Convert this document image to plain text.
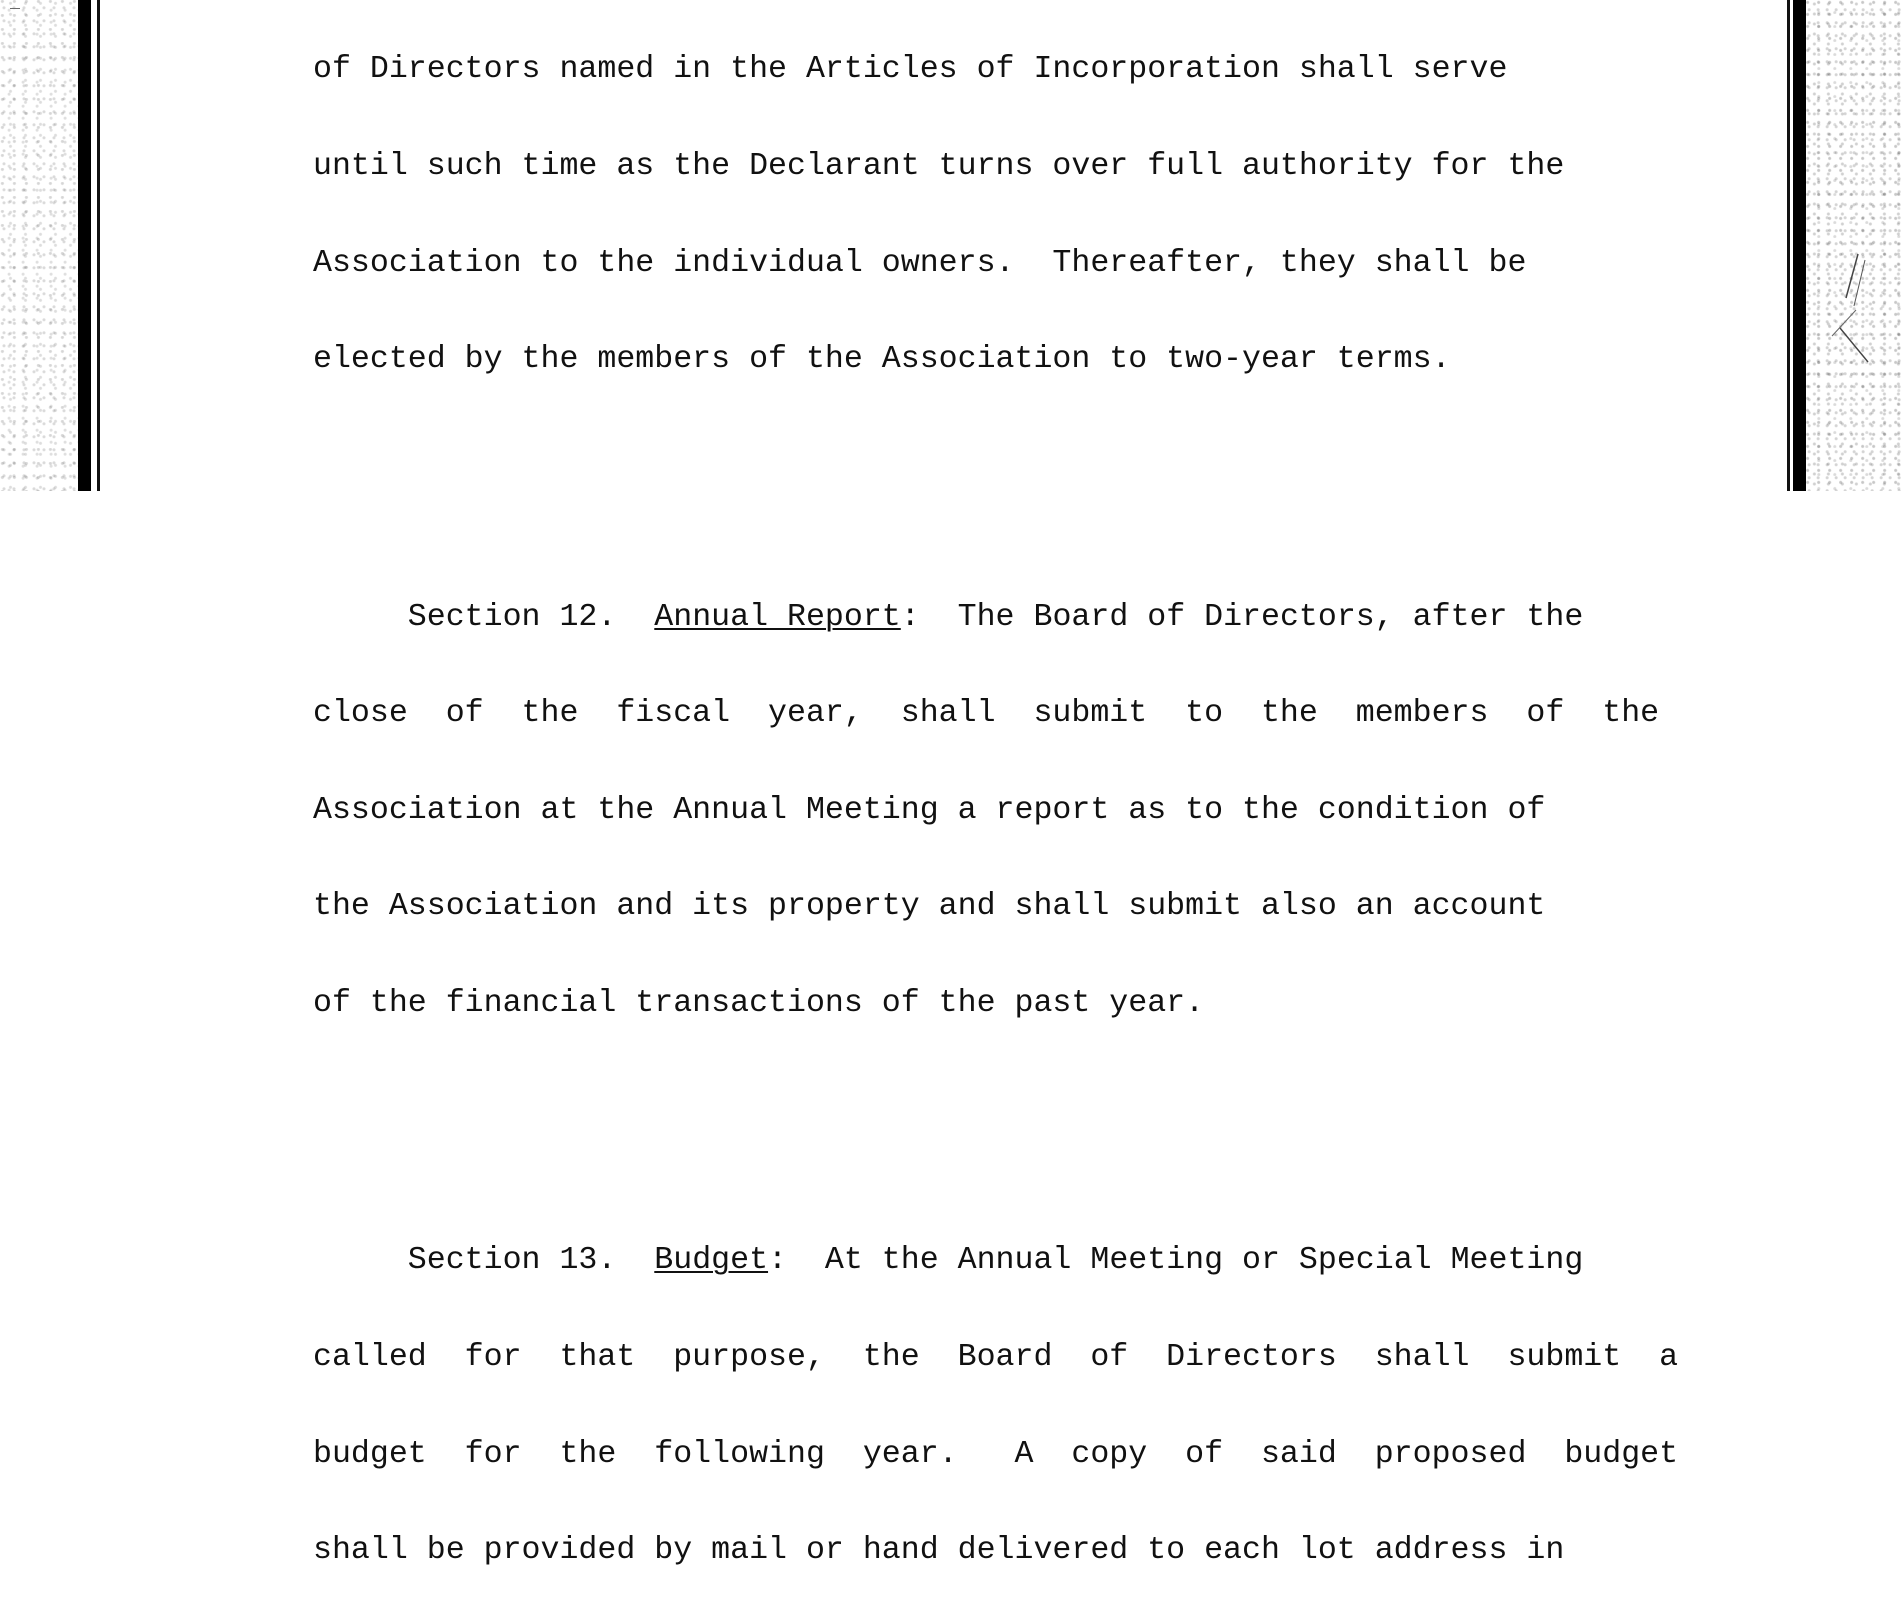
of Directors named in the Articles of Incorporation shall serve

until such time as the Declarant turns over full authority for the

Association to the individual owners.  Thereafter, they shall be

elected by the members of the Association to two-year terms.

Section 12.  Annual Report:  The Board of Directors, after the

close  of  the  fiscal  year,  shall  submit  to  the  members  of  the

Association at the Annual Meeting a report as to the condition of

the Association and its property and shall submit also an account

of the financial transactions of the past year.

Section 13.  Budget:  At the Annual Meeting or Special Meeting

called  for  that  purpose,  the  Board  of  Directors  shall  submit  a

budget  for  the  following  year.   A  copy  of  said  proposed  budget

shall be provided by mail or hand delivered to each lot address in
